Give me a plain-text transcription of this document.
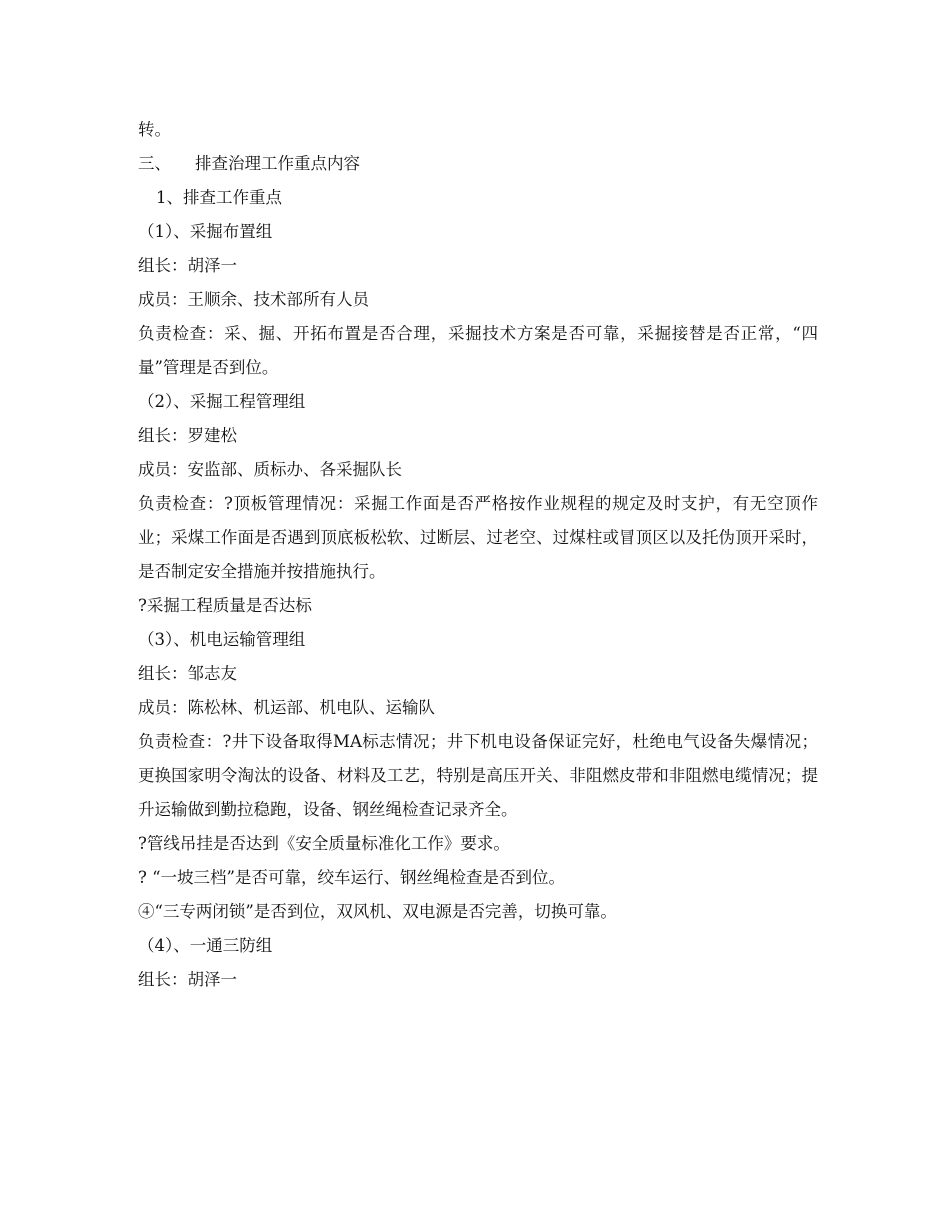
转。
三、 排查治理工作重点内容
1、排查工作重点
（1）、采掘布置组
组长：胡泽一
成员：王顺余、技术部所有人员
负责检查：采、掘、开拓布置是否合理，采掘技术方案是否可靠，采掘接替是否正常，“四量”管理是否到位。
（2）、采掘工程管理组
组长：罗建松
成员：安监部、质标办、各采掘队长
负责检查：?顶板管理情况：采掘工作面是否严格按作业规程的规定及时支护，有无空顶作业；采煤工作面是否遇到顶底板松软、过断层、过老空、过煤柱或冒顶区以及托伪顶开采时，是否制定安全措施并按措施执行。
?采掘工程质量是否达标
（3）、机电运输管理组
组长：邹志友
成员：陈松林、机运部、机电队、运输队
负责检查：?井下设备取得MA标志情况；井下机电设备保证完好，杜绝电气设备失爆情况；更换国家明令淘汰的设备、材料及工艺，特别是高压开关、非阻燃皮带和非阻燃电缆情况；提升运输做到勤拉稳跑，设备、钢丝绳检查记录齐全。
?管线吊挂是否达到《安全质量标准化工作》要求。
? “一坡三档”是否可靠，绞车运行、钢丝绳检查是否到位。
④“三专两闭锁”是否到位，双风机、双电源是否完善，切换可靠。
（4）、一通三防组
组长：胡泽一
